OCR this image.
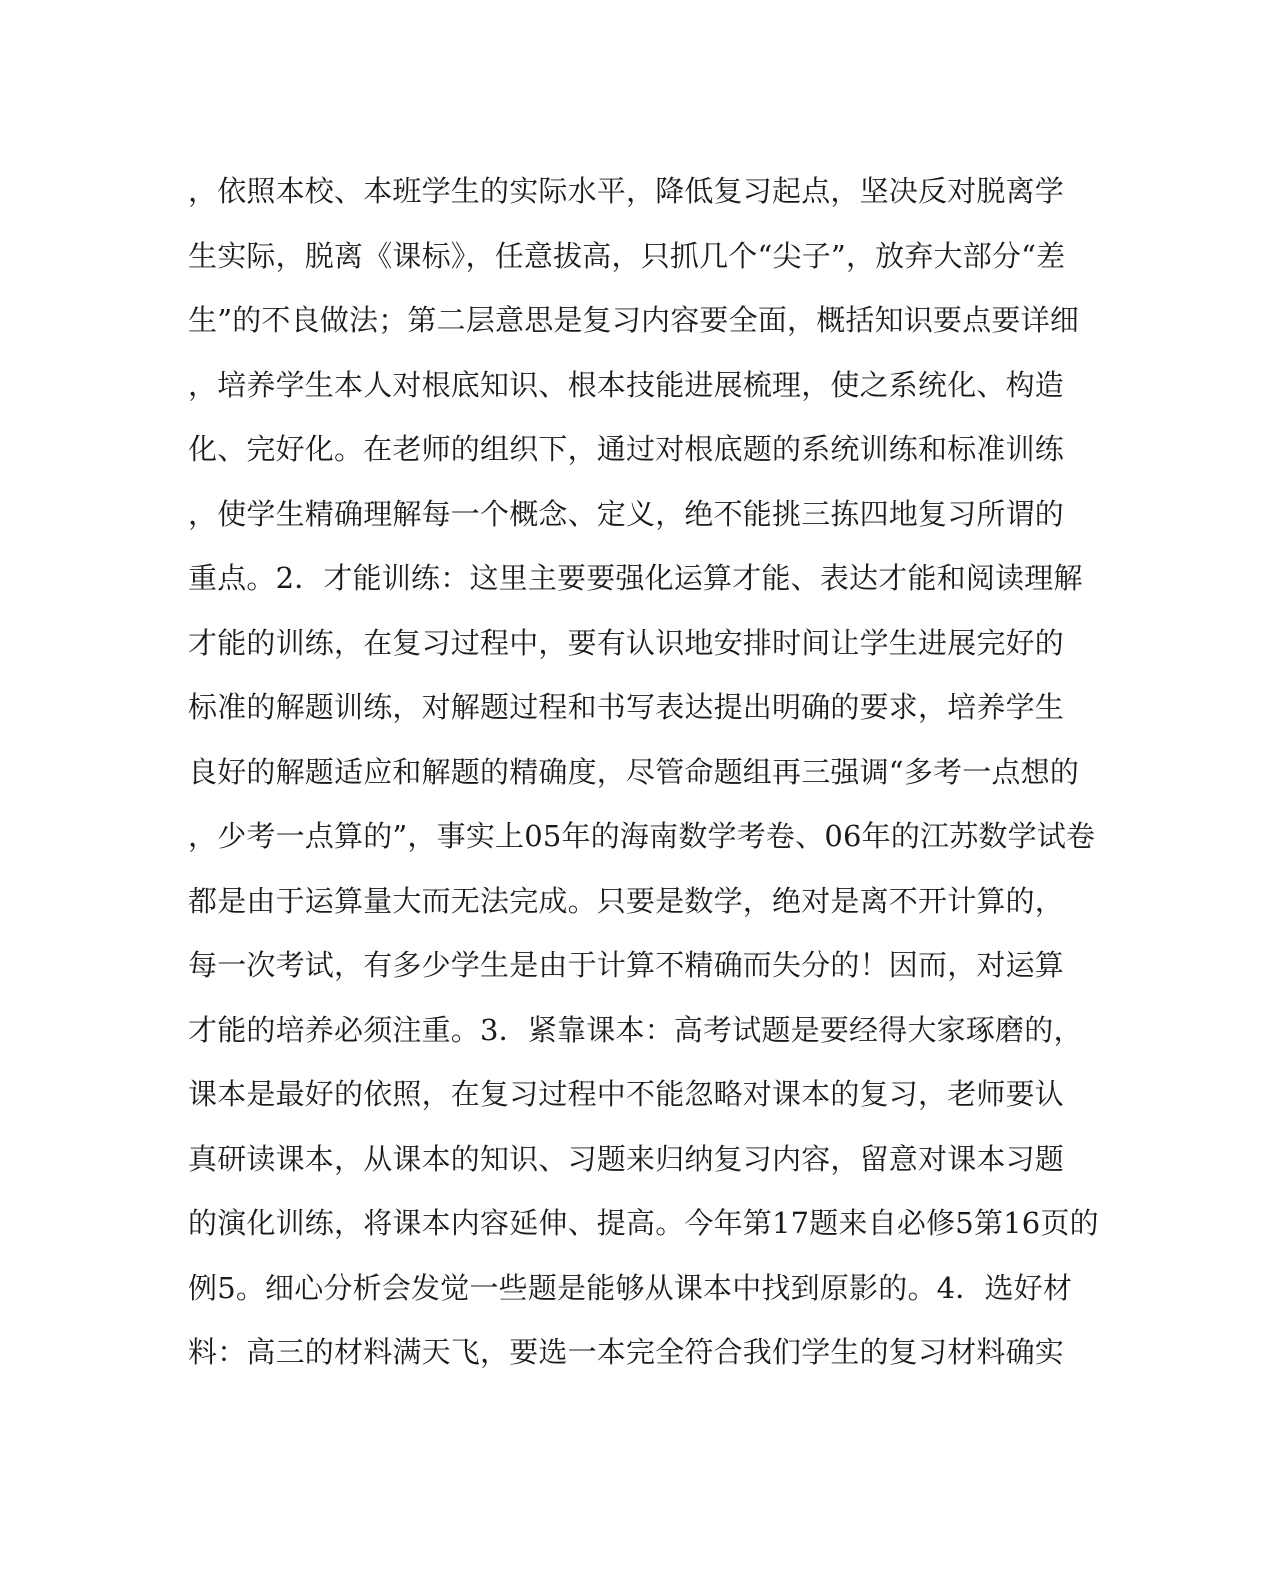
，依照本校、本班学生的实际水平，降低复习起点，坚决反对脱离学
生实际，脱离《课标》，任意拔高，只抓几个“尖子”，放弃大部分“差
生”的不良做法；第二层意思是复习内容要全面，概括知识要点要详细
，培养学生本人对根底知识、根本技能进展梳理，使之系统化、构造
化、完好化。在老师的组织下，通过对根底题的系统训练和标准训练
，使学生精确理解每一个概念、定义，绝不能挑三拣四地复习所谓的
重点。2．才能训练：这里主要要强化运算才能、表达才能和阅读理解
才能的训练，在复习过程中，要有认识地安排时间让学生进展完好的
标准的解题训练，对解题过程和书写表达提出明确的要求，培养学生
良好的解题适应和解题的精确度，尽管命题组再三强调“多考一点想的
，少考一点算的”，事实上05年的海南数学考卷、06年的江苏数学试卷
都是由于运算量大而无法完成。只要是数学，绝对是离不开计算的，
每一次考试，有多少学生是由于计算不精确而失分的！因而，对运算
才能的培养必须注重。3．紧靠课本：高考试题是要经得大家琢磨的，
课本是最好的依照，在复习过程中不能忽略对课本的复习，老师要认
真研读课本，从课本的知识、习题来归纳复习内容，留意对课本习题
的演化训练，将课本内容延伸、提高。今年第17题来自必修5第16页的
例5。细心分析会发觉一些题是能够从课本中找到原影的。4．选好材
料：高三的材料满天飞，要选一本完全符合我们学生的复习材料确实
